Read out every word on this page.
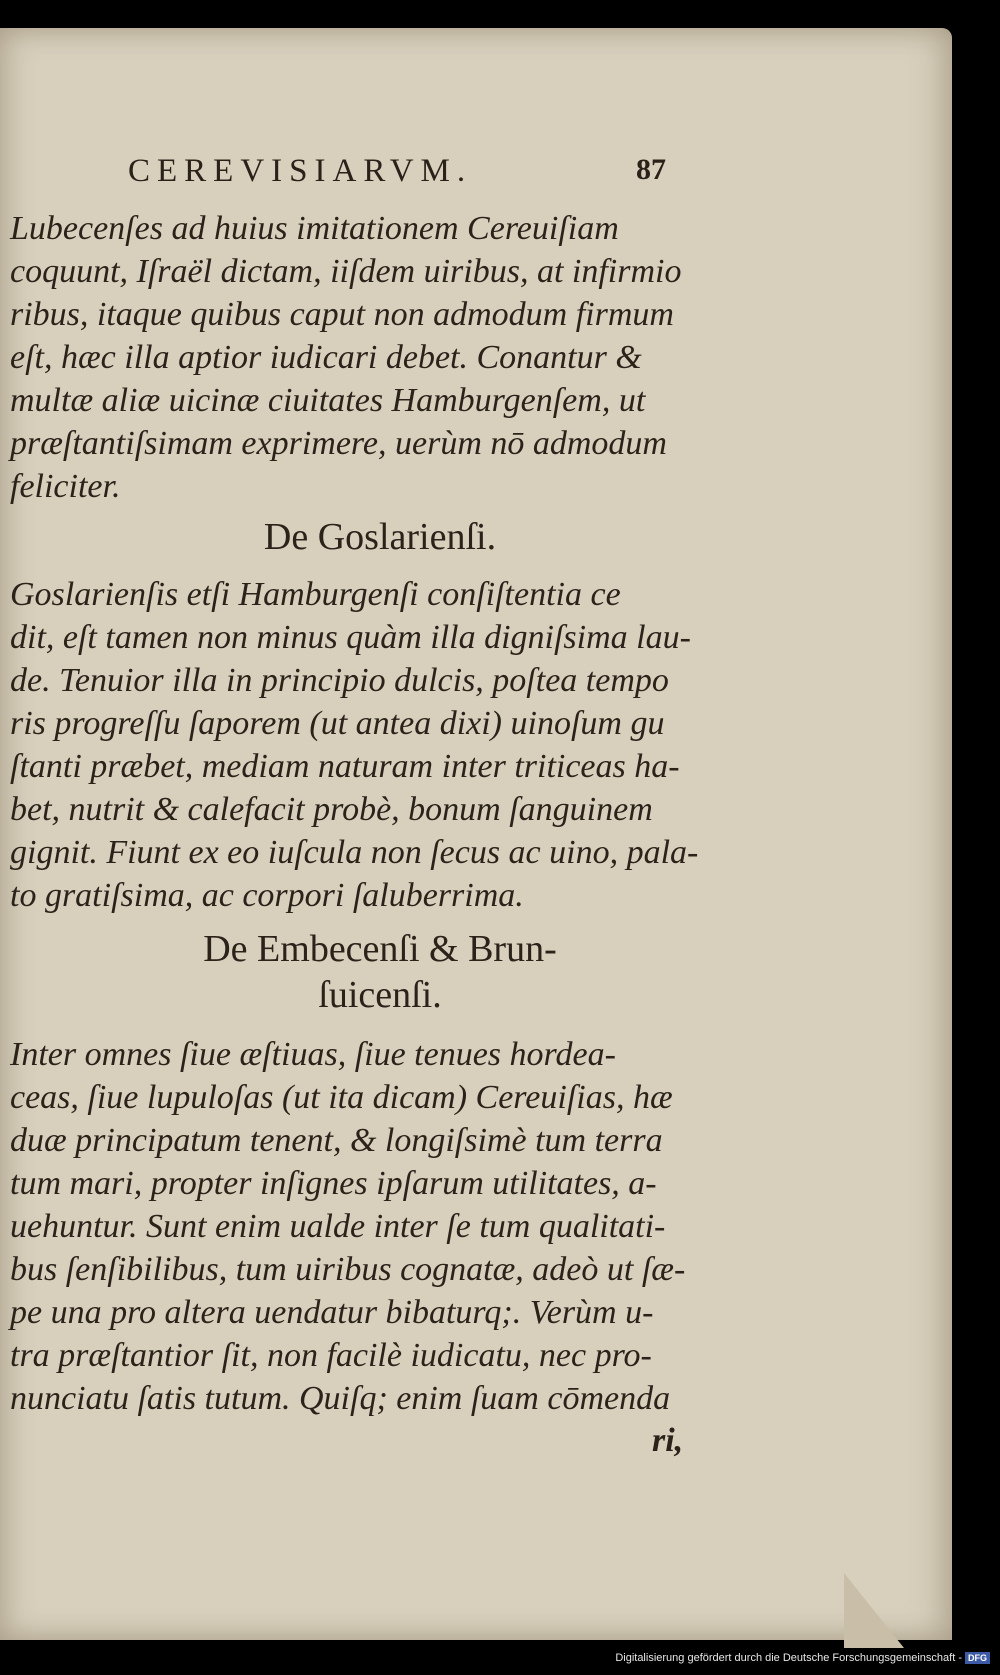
CEREVISIARVM.	87
Lubecenſes ad huius imitationem Cereuiſiam
coquunt, Iſraël dictam, iiſdem uiribus, at infirmio
ribus, itaque quibus caput non admodum firmum
eſt, hæc illa aptior iudicari debet. Conantur &
multæ aliæ uicinæ ciuitates Hamburgenſem, ut
præſtantiſsimam exprimere, uerùm nō admodum
feliciter.
De Goslarienſi.
Goslarienſis etſi Hamburgenſi conſiſtentia ce
dit, eſt tamen non minus quàm illa digniſsima lau-
de. Tenuior illa in principio dulcis, poſtea tempo
ris progreſſu ſaporem (ut antea dixi) uinoſum gu
ſtanti præbet, mediam naturam inter triticeas ha-
bet, nutrit & calefacit probè, bonum ſanguinem
gignit. Fiunt ex eo iuſcula non ſecus ac uino, pala-
to gratiſsima, ac corpori ſaluberrima.
De Embecenſi & Brun-
ſuicenſi.
Inter omnes ſiue æſtiuas, ſiue tenues hordea-
ceas, ſiue lupuloſas (ut ita dicam) Cereuiſias, hæ
duæ principatum tenent, & longiſsimè tum terra
tum mari, propter inſignes ipſarum utilitates, a-
uehuntur. Sunt enim ualde inter ſe tum qualitati-
bus ſenſibilibus, tum uiribus cognatæ, adeò ut ſæ-
pe una pro altera uendatur bibaturq;. Verùm u-
tra præſtantior ſit, non facilè iudicatu, nec pro-
nunciatu ſatis tutum. Quiſq; enim ſuam cōmenda
ri,
Digitalisierung gefördert durch die Deutsche Forschungsgemeinschaft - DFG
